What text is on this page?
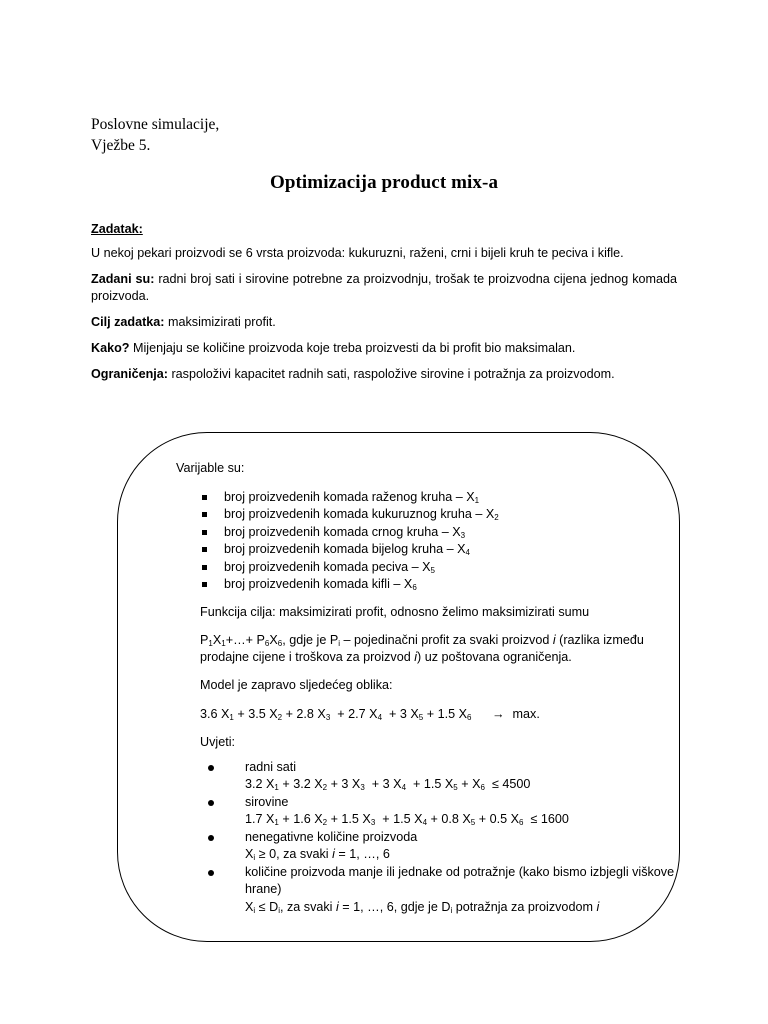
Poslovne simulacije,
Vježbe 5.
Optimizacija product mix-a
Zadatak:
U nekoj pekari proizvodi se 6 vrsta proizvoda: kukuruzni, raženi, crni i bijeli kruh te peciva i kifle.
Zadani su: radni broj sati i sirovine potrebne za proizvodnju, trošak te proizvodna cijena jednog komada proizvoda.
Cilj zadatka: maksimizirati profit.
Kako? Mijenjaju se količine proizvoda koje treba proizvesti da bi profit bio maksimalan.
Ograničenja: raspoloživi kapacitet radnih sati, raspoložive sirovine i potražnja za proizvodom.

Varijable su:

broj proizvedenih komada raženog kruha – $X_1$
broj proizvedenih komada kukuruznog kruha – $X_2$
broj proizvedenih komada crnog kruha – $X_3$
broj proizvedenih komada bijelog kruha – $X_4$
broj proizvedenih komada peciva – $X_5$
broj proizvedenih komada kifli – $X_6$

Funkcija cilja: maksimizirati profit, odnosno želimo maksimizirati sumu

$P_1X_1+\dots+ P_6X_6$, gdje je $P_i$ – pojedinačni profit za svaki proizvod i (razlika između prodajne cijene i troškova za proizvod i) uz poštovana ograničenja.

Model je zapravo sljedećeg oblika:

3.6 $X_1 + 3.5$ $X_2 + 2.8$ $X_3 + 2.7$ $X_4 + 3$ $X_5 + 1.5$ $X_6 \to \max$.

Uvjeti:

radni sati
3.2 $X_1 + 3.2$ $X_2 + 3$ $X_3 + 3$ $X_4 + 1.5$ $X_5 + X_6 \le 4500$
sirovine
1.7 $X_1 + 1.6$ $X_2 + 1.5$ $X_3 + 1.5$ $X_4 + 0.8$ $X_5 + 0.5$ $X_6 \le 1600$
nenegativne količine proizvoda
$X_i \ge 0$, za svaki i = 1, …, 6
količine proizvoda manje ili jednake od potražnje (kako bismo izbjegli viškove hrane)
$X_i \le D_i$, za svaki i = 1, …, 6, gdje je $D_i$ potražnja za proizvodom i
